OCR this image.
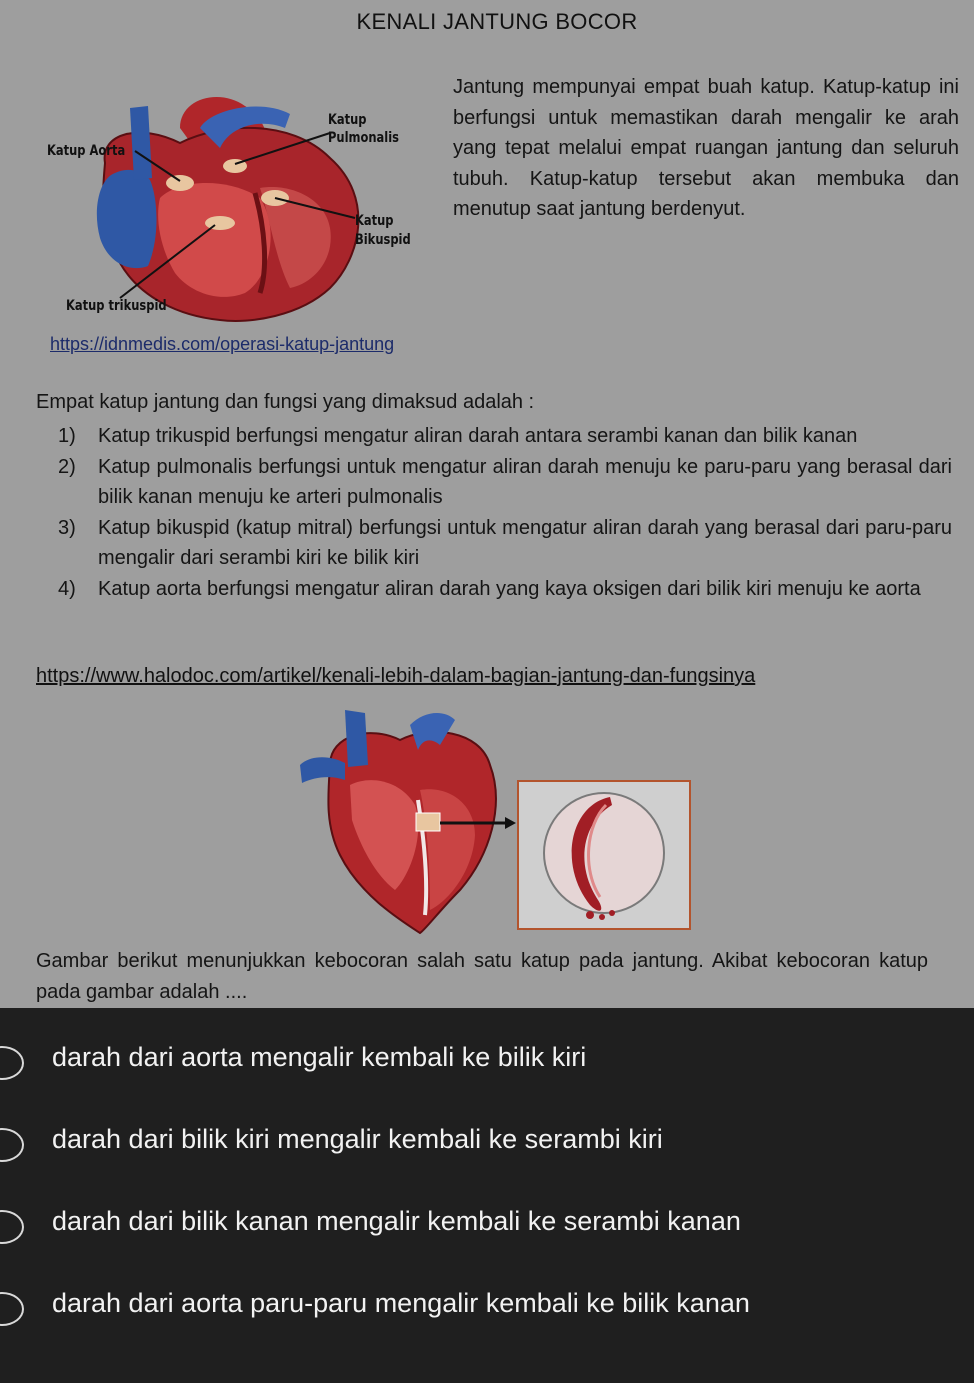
KENALI JANTUNG BOCOR
Katup Aorta
Katup
Pulmonalis
Katup
Bikuspid
Katup trikuspid
Jantung mempunyai empat buah katup. Katup-katup ini berfungsi untuk memastikan darah mengalir ke arah yang tepat melalui empat ruangan jantung dan seluruh tubuh. Katup-katup tersebut akan membuka dan menutup saat jantung berdenyut.
https://idnmedis.com/operasi-katup-jantung
Empat katup jantung dan fungsi yang dimaksud adalah :
1) Katup trikuspid berfungsi mengatur aliran darah antara serambi kanan dan bilik kanan
2) Katup pulmonalis berfungsi untuk mengatur aliran darah menuju ke paru-paru yang berasal dari bilik kanan menuju ke arteri pulmonalis
3) Katup bikuspid (katup mitral) berfungsi untuk mengatur aliran darah yang berasal dari paru-paru mengalir dari serambi kiri ke bilik kiri
4) Katup aorta berfungsi mengatur aliran darah yang kaya oksigen dari bilik kiri menuju ke aorta
https://www.halodoc.com/artikel/kenali-lebih-dalam-bagian-jantung-dan-fungsinya
Gambar berikut menunjukkan kebocoran salah satu katup pada jantung. Akibat kebocoran katup pada gambar adalah ....
darah dari aorta mengalir kembali ke bilik kiri
darah dari bilik kiri mengalir kembali ke serambi kiri
darah dari bilik kanan mengalir kembali ke serambi kanan
darah dari aorta paru-paru mengalir kembali ke bilik kanan
